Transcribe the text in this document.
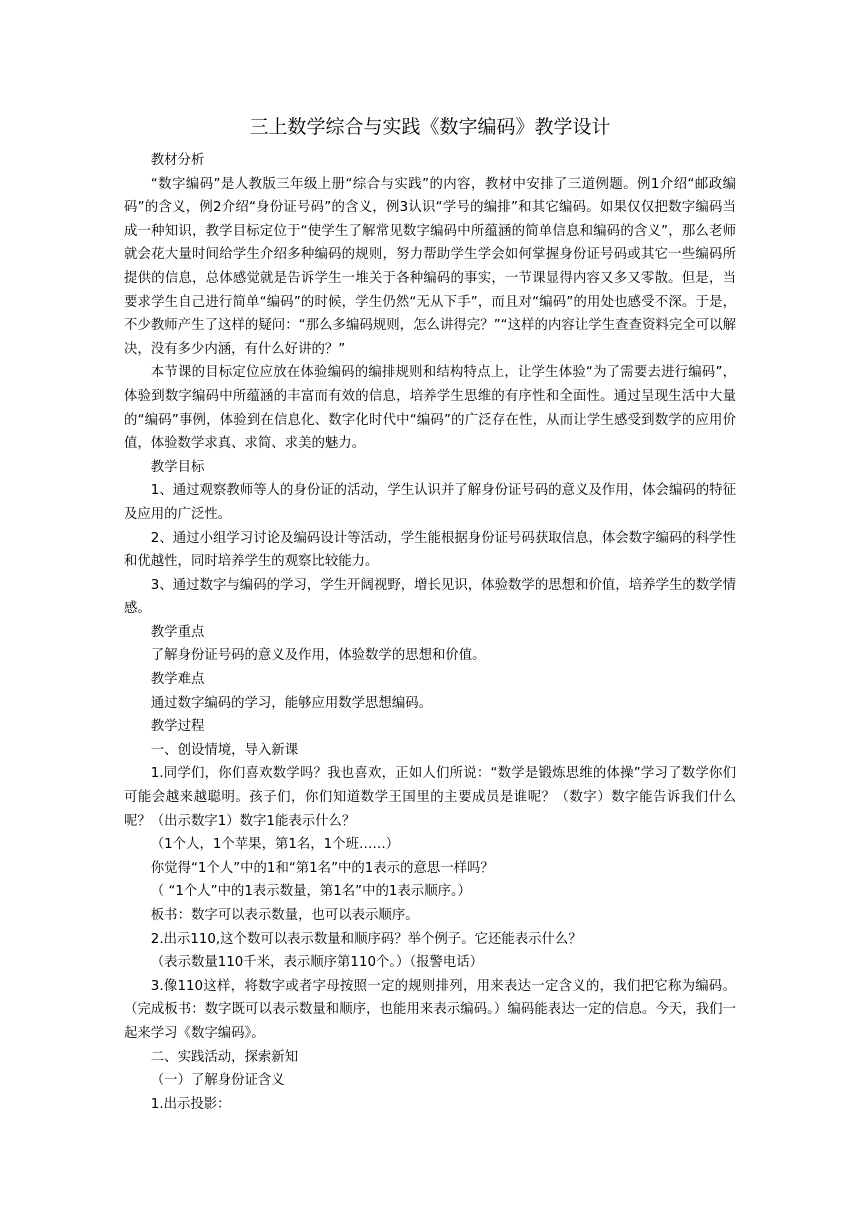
三上数学综合与实践《数字编码》教学设计

教材分析

“数字编码”是人教版三年级上册“综合与实践”的内容，教材中安排了三道例题。例1介绍“邮政编码”的含义，例2介绍“身份证号码”的含义，例3认识“学号的编排”和其它编码。如果仅仅把数字编码当成一种知识，教学目标定位于“使学生了解常见数字编码中所蕴涵的简单信息和编码的含义”，那么老师就会花大量时间给学生介绍多种编码的规则，努力帮助学生学会如何掌握身份证号码或其它一些编码所提供的信息，总体感觉就是告诉学生一堆关于各种编码的事实，一节课显得内容又多又零散。但是，当要求学生自己进行简单“编码”的时候，学生仍然“无从下手”，而且对“编码”的用处也感受不深。于是，不少教师产生了这样的疑问：“那么多编码规则，怎么讲得完？”“这样的内容让学生查查资料完全可以解决，没有多少内涵，有什么好讲的？”

本节课的目标定位应放在体验编码的编排规则和结构特点上，让学生体验“为了需要去进行编码”，体验到数字编码中所蕴涵的丰富而有效的信息，培养学生思维的有序性和全面性。通过呈现生活中大量的“编码”事例，体验到在信息化、数字化时代中“编码”的广泛存在性，从而让学生感受到数学的应用价值，体验数学求真、求简、求美的魅力。

教学目标

1、通过观察教师等人的身份证的活动，学生认识并了解身份证号码的意义及作用，体会编码的特征及应用的广泛性。

2、通过小组学习讨论及编码设计等活动，学生能根据身份证号码获取信息，体会数字编码的科学性和优越性，同时培养学生的观察比较能力。

3、通过数字与编码的学习，学生开阔视野，增长见识，体验数学的思想和价值，培养学生的数学情感。

教学重点

了解身份证号码的意义及作用，体验数学的思想和价值。

教学难点

通过数字编码的学习，能够应用数学思想编码。

教学过程

一、创设情境，导入新课

1.同学们，你们喜欢数学吗？我也喜欢，正如人们所说：“数学是锻炼思维的体操”学习了数学你们可能会越来越聪明。孩子们，你们知道数学王国里的主要成员是谁呢？（数字）数字能告诉我们什么呢？（出示数字1）数字1能表示什么？

（1个人，1个苹果，第1名，1个班……）

你觉得“1个人”中的1和“第1名”中的1表示的意思一样吗？

（ “1个人”中的1表示数量，第1名”中的1表示顺序。）

板书：数字可以表示数量，也可以表示顺序。

2.出示110,这个数可以表示数量和顺序码？举个例子。它还能表示什么？

（表示数量110千米，表示顺序第110个。）（报警电话）

3.像110这样，将数字或者字母按照一定的规则排列，用来表达一定含义的，我们把它称为编码。（完成板书：数字既可以表示数量和顺序，也能用来表示编码。）编码能表达一定的信息。今天，我们一起来学习《数字编码》。

二、实践活动，探索新知

（一）了解身份证含义

1.出示投影：
